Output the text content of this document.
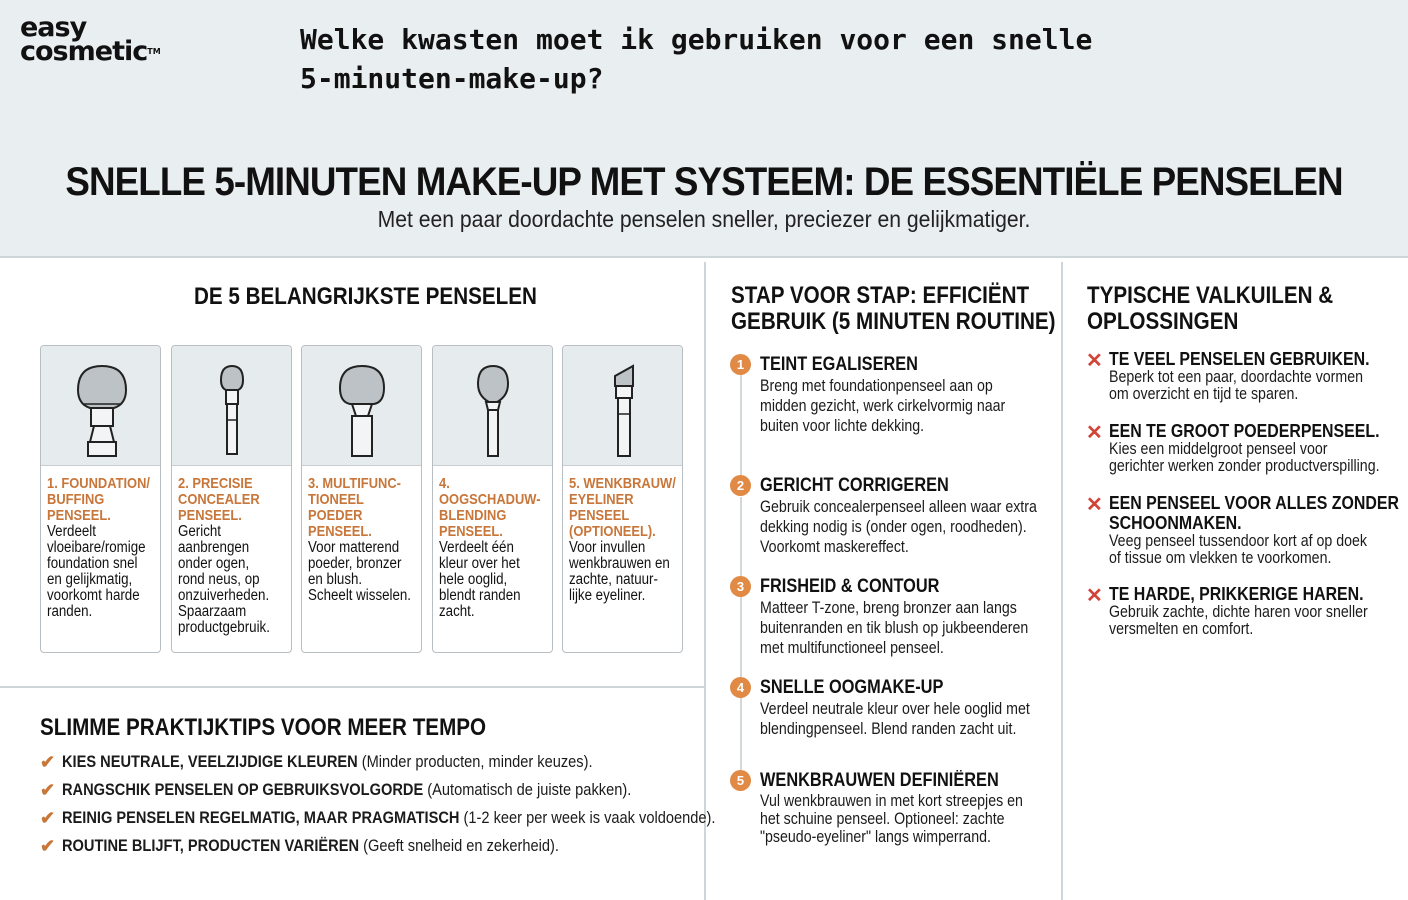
easy
cosmetic™	Welke kwasten moet ik gebruiken voor een snelle 5-minuten-make-up?
SNELLE 5-MINUTEN MAKE-UP MET SYSTEEM: DE ESSENTIËLE PENSELEN
Met een paar doordachte penselen sneller, preciezer en gelijkmatiger.
DE 5 BELANGRIJKSTE PENSELEN
1. FOUNDATION/
BUFFING
PENSEEL.
Verdeelt
vloeibare/romige
foundation snel
en gelijkmatig,
voorkomt harde
randen.
2. PRECISIE
CONCEALER
PENSEEL.
Gericht
aanbrengen
onder ogen,
rond neus, op
onzuiverheden.
Spaarzaam
productgebruik.
3. MULTIFUNC-
TIONEEL
POEDER
PENSEEL.
Voor matterend
poeder, bronzer
en blush.
Scheelt wisselen.
4. OOGSCHADUW-
BLENDING
PENSEEL.
Verdeelt één
kleur over het
hele ooglid,
blendt randen
zacht.
5. WENKBRAUW/
EYELINER
PENSEEL
(OPTIONEEL).
Voor invullen
wenkbrauwen en
zachte, natuur-
lijke eyeliner.
SLIMME PRAKTIJKTIPS VOOR MEER TEMPO
✔ KIES NEUTRALE, VEELZIJDIGE KLEUREN (Minder producten, minder keuzes).
✔ RANGSCHIK PENSELEN OP GEBRUIKSVOLGORDE (Automatisch de juiste pakken).
✔ REINIG PENSELEN REGELMATIG, MAAR PRAGMATISCH (1-2 keer per week is vaak voldoende).
✔ ROUTINE BLIJFT, PRODUCTEN VARIËREN (Geeft snelheid en zekerheid).
STAP VOOR STAP: EFFICIËNT
GEBRUIK (5 MINUTEN ROUTINE)
1 TEINT EGALISEREN
Breng met foundationpenseel aan op
midden gezicht, werk cirkelvormig naar
buiten voor lichte dekking.
2 GERICHT CORRIGEREN
Gebruik concealerpenseel alleen waar extra
dekking nodig is (onder ogen, roodheden).
Voorkomt maskereffect.
3 FRISHEID & CONTOUR
Matteer T-zone, breng bronzer aan langs
buitenranden en tik blush op jukbeenderen
met multifunctioneel penseel.
4 SNELLE OOGMAKE-UP
Verdeel neutrale kleur over hele ooglid met
blendingpenseel. Blend randen zacht uit.
5 WENKBRAUWEN DEFINIËREN
Vul wenkbrauwen in met kort streepjes en
het schuine penseel. Optioneel: zachte
"pseudo-eyeliner" langs wimperrand.
TYPISCHE VALKUILEN &
OPLOSSINGEN
✕ TE VEEL PENSELEN GEBRUIKEN.
Beperk tot een paar, doordachte vormen
om overzicht en tijd te sparen.
✕ EEN TE GROOT POEDERPENSEEL.
Kies een middelgroot penseel voor
gerichter werken zonder productverspilling.
✕ EEN PENSEEL VOOR ALLES ZONDER
SCHOONMAKEN.
Veeg penseel tussendoor kort af op doek
of tissue om vlekken te voorkomen.
✕ TE HARDE, PRIKKERIGE HAREN.
Gebruik zachte, dichte haren voor sneller
versmelten en comfort.
